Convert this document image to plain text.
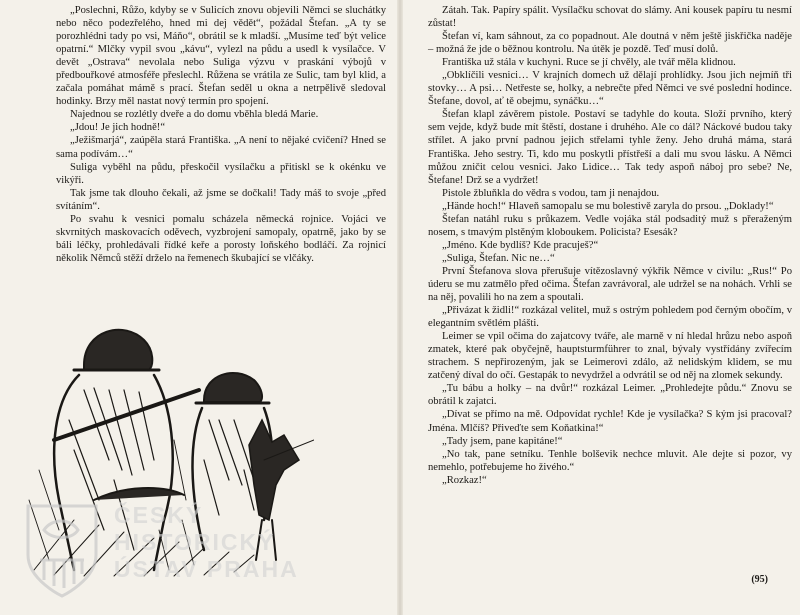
„Poslechni, Růžo, kdyby se v Sulicích znovu objevili Němci se sluchátky nebo něco podezřelého, hned mi dej vědět“, požádal Štefan. „A ty se porozhlédni tady po vsi, Máňo“, obrátil se k mladší. „Musíme teď být velice opatrní.“ Mlčky vypil svou „kávu“, vylezl na půdu a usedl k vysílačce. V devět „Ostrava“ nevolala nebo Suliga výzvu v praskání výbojů v předbouřkové atmosféře přeslechl. Růžena se vrátila ze Sulic, tam byl klid, a začala pomáhat mámě s prací. Štefan seděl u okna a netrpělivě sledoval hodinky. Brzy měl nastat nový termín pro spojení.

Najednou se rozlétly dveře a do domu vběhla bledá Marie.

„Jdou! Je jich hodně!“

„Ježišmarjá“, zaúpěla stará Františka. „A není to nějaké cvičení? Hned se sama podívám…“

Suliga vyběhl na půdu, přeskočil vysílačku a přitiskl se k okénku ve vikýři.

Tak jsme tak dlouho čekali, až jsme se dočkali! Tady máš to svoje „před svítáním“.

Po svahu k vesnici pomalu scházela německá rojnice. Vojáci ve skvrnitých maskovacích oděvech, vyzbrojení samopaly, opatrně, jako by se báli léčky, prohledávali řídké keře a porosty loňského bodláčí. Za rojnicí několik Němců stěží drželo na řemenech škubající se vlčáky.

ČESKÝ
HISTORICKÝ
ÚSTAV PRAHA

Zátah. Tak. Papíry spálit. Vysílačku schovat do slámy. Ani kousek papíru tu nesmí zůstat!

Štefan ví, kam sáhnout, za co popadnout. Ale doutná v něm ještě jiskřička naděje – možná že jde o běžnou kontrolu. Na útěk je pozdě. Teď musí dolů.

Františka už stála v kuchyni. Ruce se jí chvěly, ale tvář měla klidnou.

„Obklíčili vesnici… V krajních domech už dělají prohlídky. Jsou jich nejmíň tři stovky… A psi… Netřeste se, holky, a nebrečte před Němci ve své poslední hodince. Štefane, dovol, ať tě obejmu, synáčku…“

Štefan klapl závěrem pistole. Postaví se tadyhle do kouta. Složí prvního, který sem vejde, když bude mít štěstí, dostane i druhého. Ale co dál? Náckové budou taky střílet. A jako první padnou jejich střelami tyhle ženy. Jeho druhá máma, stará Františka. Jeho sestry. Ti, kdo mu poskytli přístřeší a dali mu svou lásku. A Němci můžou zničit celou vesnici. Jako Lidice… Tak tedy aspoň náboj pro sebe? Ne, Štefane! Drž se a vydržet!

Pistole žbluňkla do vědra s vodou, tam ji nenajdou.

„Hände hoch!“ Hlaveň samopalu se mu bolestivě zaryla do prsou. „Doklady!“

Štefan natáhl ruku s průkazem. Vedle vojáka stál podsaditý muž s přeraženým nosem, s tmavým plstěným kloboukem. Policista? Esesák?

„Jméno. Kde bydlíš? Kde pracuješ?“

„Suliga, Štefan. Nic ne…“

První Štefanova slova přerušuje vítězoslavný výkřik Němce v civilu: „Rus!“ Po úderu se mu zatmělo před očima. Štefan zavrávoral, ale udržel se na nohách. Vrhli se na něj, povalili ho na zem a spoutali.

„Přivázat k židli!“ rozkázal velitel, muž s ostrým pohledem pod černým obočím, v elegantním světlém plášti.

Leimer se vpil očima do zajatcovy tváře, ale marně v ní hledal hrůzu nebo aspoň zmatek, které pak obyčejně, hauptsturmführer to znal, bývaly vystřídány zvířecím strachem. S nepřirozeným, jak se Leimerovi zdálo, až nelidským klidem, se mu zatčený díval do očí. Gestapák to nevydržel a odvrátil se od něj na zlomek sekundy.

„Tu bábu a holky – na dvůr!“ rozkázal Leimer. „Prohledejte půdu.“ Znovu se obrátil k zajatci.

„Dívat se přímo na mě. Odpovídat rychle! Kde je vysílačka? S kým jsi pracoval? Jména. Mlčíš? Přiveďte sem Koňatkina!“

„Tady jsem, pane kapitáne!“

„No tak, pane setníku. Tenhle bolševik nechce mluvit. Ale dejte si pozor, vy nemehlo, potřebujeme ho živého.“

„Rozkaz!“

(95)
